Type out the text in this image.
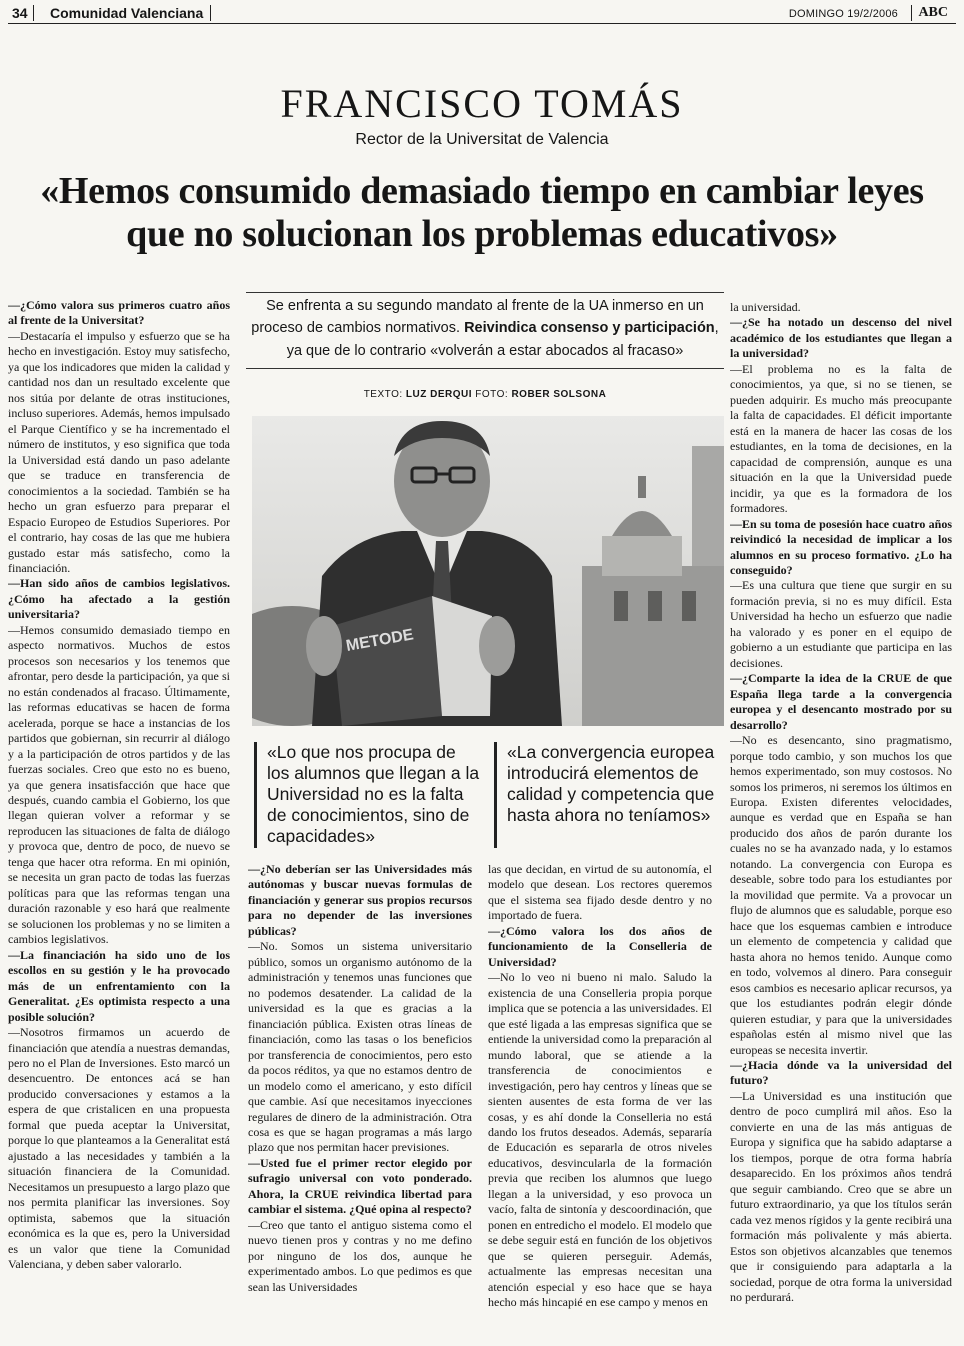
34	Comunidad Valenciana	DOMINGO 19/2/2006	ABC
FRANCISCO TOMÁS
Rector de la Universitat de Valencia
«Hemos consumido demasiado tiempo en cambiar leyes que no solucionan los problemas educativos»
Se enfrenta a su segundo mandato al frente de la UA inmerso en un proceso de cambios normativos. Reivindica consenso y participación, ya que de lo contrario «volverán a estar abocados al fracaso»
TEXTO: LUZ DERQUI FOTO: ROBER SOLSONA
METODE
«Lo que nos procupa de los alumnos que llegan a la Universidad no es la falta de conocimientos, sino de capacidades»
«La convergencia europea introducirá elementos de calidad y competencia que hasta ahora no teníamos»

—¿Cómo valora sus primeros cuatro años al frente de la Universitat?

—Destacaría el impulso y esfuerzo que se ha hecho en investigación. Estoy muy satisfecho, ya que los indicadores que miden la calidad y cantidad nos dan un resultado excelente que nos sitúa por delante de otras instituciones, incluso superiores. Además, hemos impulsado el Parque Científico y se ha incrementado el número de institutos, y eso significa que toda la Universidad está dando un paso adelante que se traduce en transferencia de conocimientos a la sociedad. También se ha hecho un gran esfuerzo para preparar el Espacio Europeo de Estudios Superiores. Por el contrario, hay cosas de las que me hubiera gustado estar más satisfecho, como la financiación.

—Han sido años de cambios legislativos. ¿Cómo ha afectado a la gestión universitaria?

—Hemos consumido demasiado tiempo en aspecto normativos. Muchos de estos procesos son necesarios y los tenemos que afrontar, pero desde la participación, ya que si no están condenados al fracaso. Últimamente, las reformas educativas se hacen de forma acelerada, porque se hace a instancias de los partidos que gobiernan, sin recurrir al diálogo y a la participación de otros partidos y de las fuerzas sociales. Creo que esto no es bueno, ya que genera insatisfacción que hace que después, cuando cambia el Gobierno, los que llegan quieran volver a reformar y se reproducen las situaciones de falta de diálogo y provoca que, dentro de poco, de nuevo se tenga que hacer otra reforma. En mi opinión, se necesita un gran pacto de todas las fuerzas políticas para que las reformas tengan una duración razonable y eso hará que realmente se solucionen los problemas y no se limiten a cambios legislativos.

—La financiación ha sido uno de los escollos en su gestión y le ha provocado más de un enfrentamiento con la Generalitat. ¿Es optimista respecto a una posible solución?

—Nosotros firmamos un acuerdo de financiación que atendía a nuestras demandas, pero no el Plan de Inversiones. Esto marcó un desencuentro. De entonces acá se han producido conversaciones y estamos a la espera de que cristalicen en una propuesta formal que pueda aceptar la Universitat, porque lo que planteamos a la Generalitat está ajustado a las necesidades y también a la situación financiera de la Comunidad. Necesitamos un presupuesto a largo plazo que nos permita planificar las inversiones. Soy optimista, sabemos que la situación económica es la que es, pero la Universidad es un valor que tiene la Comunidad Valenciana, y deben saber valorarlo.

—¿No deberían ser las Universidades más autónomas y buscar nuevas formulas de financiación y generar sus propios recursos para no depender de las inversiones públicas?

—No. Somos un sistema universitario público, somos un organismo autónomo de la administración y tenemos unas funciones que no podemos desatender. La calidad de la universidad es la que es gracias a la financiación pública. Existen otras líneas de financiación, como las tasas o los beneficios por transferencia de conocimientos, pero esto da pocos réditos, ya que no estamos dentro de un modelo como el americano, y esto difícil que cambie. Así que necesitamos inyecciones regulares de dinero de la administración. Otra cosa es que se hagan programas a más largo plazo que nos permitan hacer previsiones.

—Usted fue el primer rector elegido por sufragio universal con voto ponderado. Ahora, la CRUE reivindica libertad para cambiar el sistema. ¿Qué opina al respecto?

—Creo que tanto el antiguo sistema como el nuevo tienen pros y contras y no me defino por ninguno de los dos, aunque he experimentado ambos. Lo que pedimos es que sean las Universidades

las que decidan, en virtud de su autonomía, el modelo que desean. Los rectores queremos que el sistema sea fijado desde dentro y no importado de fuera.

—¿Cómo valora los dos años de funcionamiento de la Conselleria de Universidad?

—No lo veo ni bueno ni malo. Saludo la existencia de una Conselleria propia porque implica que se potencia a las universidades. El que esté ligada a las empresas significa que se entiende la universidad como la preparación al mundo laboral, que se atiende a la transferencia de conocimientos e investigación, pero hay centros y líneas que se sienten ausentes de esta forma de ver las cosas, y es ahí donde la Conselleria no está dando los frutos deseados. Además, separaría de Educación es separarla de otros niveles educativos, desvincularla de la formación previa que reciben los alumnos que luego llegan a la universidad, y eso provoca un vacío, falta de sintonía y descoordinación, que ponen en entredicho el modelo. El modelo que se debe seguir está en función de los objetivos que se quieren perseguir. Además, actualmente las empresas necesitan una atención especial y eso hace que se haya hecho más hincapié en ese campo y menos en

la universidad.

—¿Se ha notado un descenso del nivel académico de los estudiantes que llegan a la universidad?

—El problema no es la falta de conocimientos, ya que, si no se tienen, se pueden adquirir. Es mucho más preocupante la falta de capacidades. El déficit importante está en la manera de hacer las cosas de los estudiantes, en la toma de decisiones, en la capacidad de comprensión, aunque es una situación en la que la Universidad puede incidir, ya que es la formadora de los formadores.

—En su toma de posesión hace cuatro años reivindicó la necesidad de implicar a los alumnos en su proceso formativo. ¿Lo ha conseguido?

—Es una cultura que tiene que surgir en su formación previa, si no es muy difícil. Esta Universidad ha hecho un esfuerzo que nadie ha valorado y es poner en el equipo de gobierno a un estudiante que participa en las decisiones.

—¿Comparte la idea de la CRUE de que España llega tarde a la convergencia europea y el desencanto mostrado por su desarrollo?

—No es desencanto, sino pragmatismo, porque todo cambio, y son muchos los que hemos experimentado, son muy costosos. No somos los primeros, ni seremos los últimos en Europa. Existen diferentes velocidades, aunque es verdad que en España se han producido dos años de parón durante los cuales no se ha avanzado nada, y lo estamos notando. La convergencia con Europa es deseable, sobre todo para los estudiantes por la movilidad que permite. Va a provocar un flujo de alumnos que es saludable, porque eso hace que los esquemas cambien e introduce un elemento de competencia y calidad que hasta ahora no hemos tenido. Aunque como en todo, volvemos al dinero. Para conseguir esos cambios es necesario aplicar recursos, ya que los estudiantes podrán elegir dónde quieren estudiar, y para que la universidades españolas estén al mismo nivel que las europeas se necesita invertir.

—¿Hacia dónde va la universidad del futuro?

—La Universidad es una institución que dentro de poco cumplirá mil años. Eso la convierte en una de las más antiguas de Europa y significa que ha sabido adaptarse a los tiempos, porque de otra forma habría desaparecido. En los próximos años tendrá que seguir cambiando. Creo que se abre un futuro extraordinario, ya que los títulos serán cada vez menos rígidos y la gente recibirá una formación más polivalente y más abierta. Estos son objetivos alcanzables que tenemos que ir consiguiendo para adaptarla a la sociedad, porque de otra forma la universidad no perdurará.
